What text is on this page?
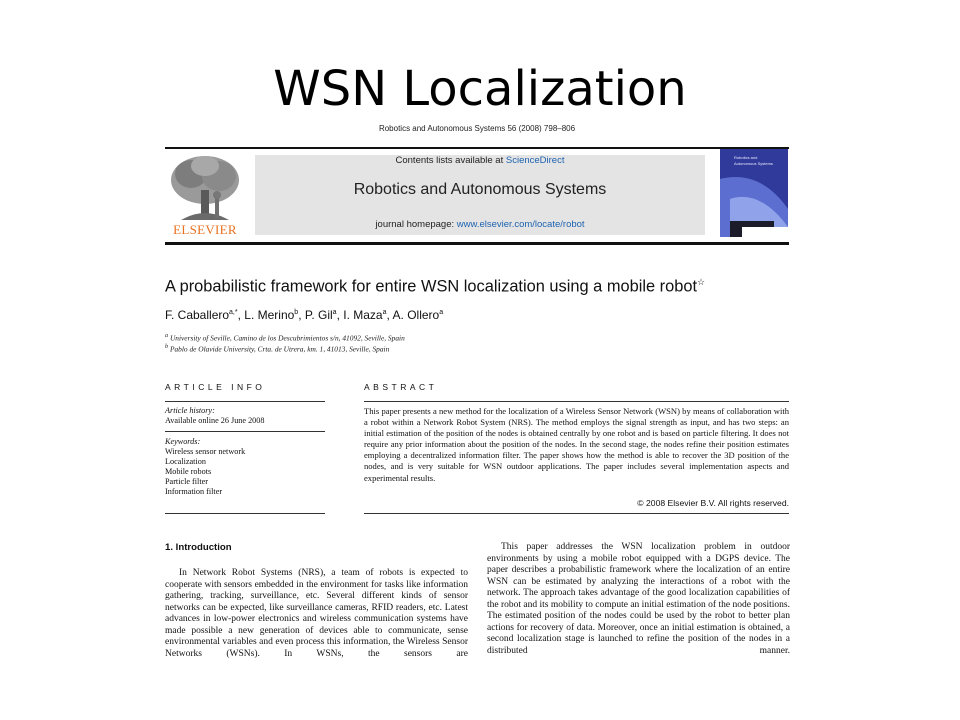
WSN Localization
Robotics and Autonomous Systems 56 (2008) 798–806
ELSEVIER
Contents lists available at ScienceDirect
Robotics and Autonomous Systems
journal homepage: www.elsevier.com/locate/robot
Robotics and
Autonomous Systems
A probabilistic framework for entire WSN localization using a mobile robot☆
F. Caballero$^{a,*}$, L. Merino$^b$, P. Gil$^a$, I. Maza$^a$, A. Ollero$^a$
$^a$ University of Seville, Camino de los Descubrimientos s/n, 41092, Seville, Spain
$^b$ Pablo de Olavide University, Crta. de Utrera, km. 1, 41013, Seville, Spain
ARTICLE INFO	ABSTRACT
Article history:
Available online 26 June 2008
Keywords:
Wireless sensor network
Localization
Mobile robots
Particle filter
Information filter
This paper presents a new method for the localization of a Wireless Sensor Network (WSN) by means of collaboration with a robot within a Network Robot System (NRS). The method employs the signal strength as input, and has two steps: an initial estimation of the position of the nodes is obtained centrally by one robot and is based on particle filtering. It does not require any prior information about the position of the nodes. In the second stage, the nodes refine their position estimates employing a decentralized information filter. The paper shows how the method is able to recover the 3D position of the nodes, and is very suitable for WSN outdoor applications. The paper includes several implementation aspects and experimental results.
© 2008 Elsevier B.V. All rights reserved.
1. Introduction
In Network Robot Systems (NRS), a team of robots is expected to cooperate with sensors embedded in the environment for tasks like information gathering, tracking, surveillance, etc. Several different kinds of sensor networks can be expected, like surveillance cameras, RFID readers, etc. Latest advances in low-power electronics and wireless communication systems have made possible a new generation of devices able to communicate, sense environmental variables and even process this information, the Wireless Sensor Networks (WSNs). In WSNs, the sensors are
This paper addresses the WSN localization problem in outdoor environments by using a mobile robot equipped with a DGPS device. The paper describes a probabilistic framework where the localization of an entire WSN can be estimated by analyzing the interactions of a robot with the network. The approach takes advantage of the good localization capabilities of the robot and its mobility to compute an initial estimation of the node positions. The estimated position of the nodes could be used by the robot to better plan actions for recovery of data. Moreover, once an initial estimation is obtained, a second localization stage is launched to refine the position of the nodes in a distributed manner.
